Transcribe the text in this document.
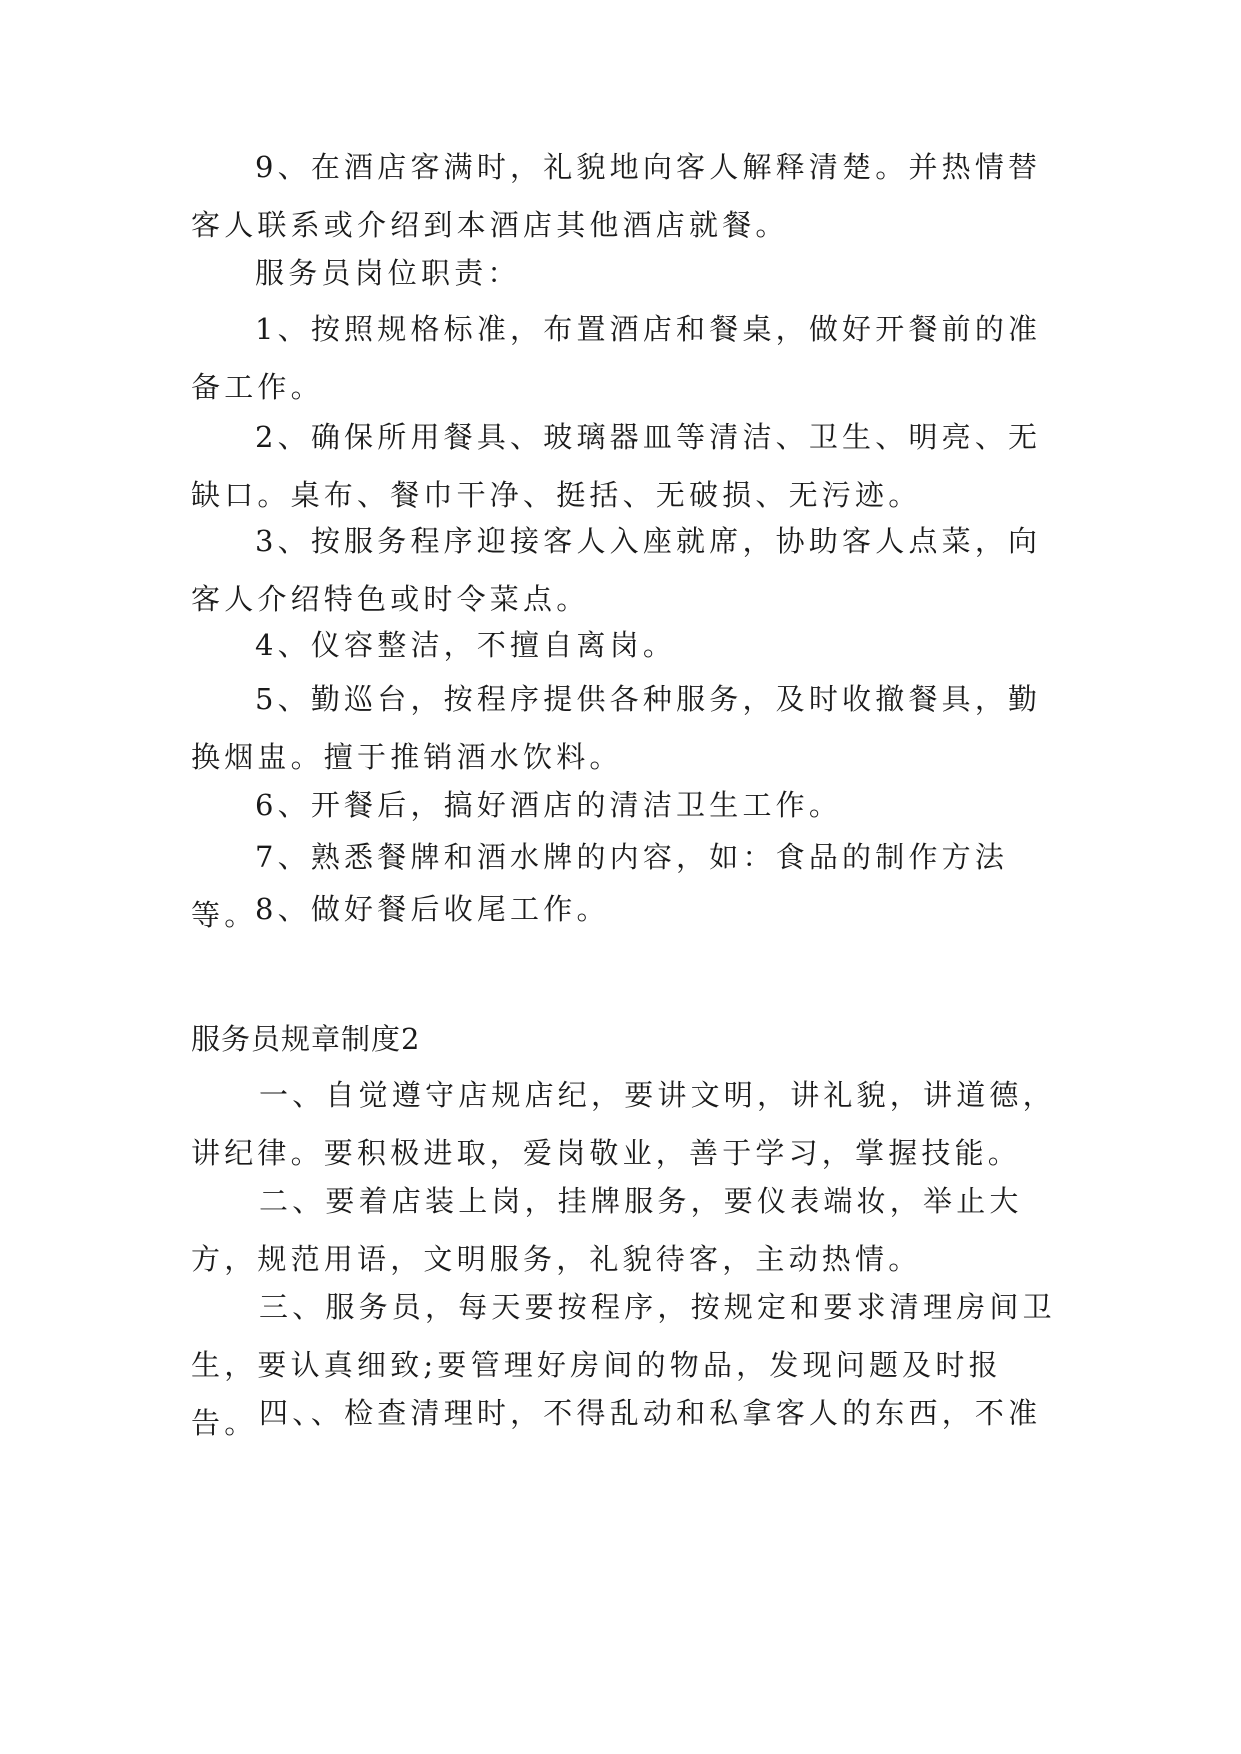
9、在酒店客满时，礼貌地向客人解释清楚。并热情替客人联系或介绍到本酒店其他酒店就餐。

服务员岗位职责：

1、按照规格标准，布置酒店和餐桌，做好开餐前的准备工作。

2、确保所用餐具、玻璃器皿等清洁、卫生、明亮、无缺口。桌布、餐巾干净、挺括、无破损、无污迹。

3、按服务程序迎接客人入座就席，协助客人点菜，向客人介绍特色或时令菜点。

4、仪容整洁，不擅自离岗。

5、勤巡台，按程序提供各种服务，及时收撤餐具，勤换烟盅。擅于推销酒水饮料。

6、开餐后，搞好酒店的清洁卫生工作。

7、熟悉餐牌和酒水牌的内容，如：食品的制作方法等。

8、做好餐后收尾工作。

服务员规章制度2

一、自觉遵守店规店纪，要讲文明，讲礼貌，讲道德，讲纪律。要积极进取，爱岗敬业，善于学习，掌握技能。

二、要着店装上岗，挂牌服务，要仪表端妆，举止大方，规范用语，文明服务，礼貌待客，主动热情。

三、服务员，每天要按程序，按规定和要求清理房间卫生，要认真细致;要管理好房间的物品，发现问题及时报告。 四、、检查清理时，不得乱动和私拿客人的东西，不准
